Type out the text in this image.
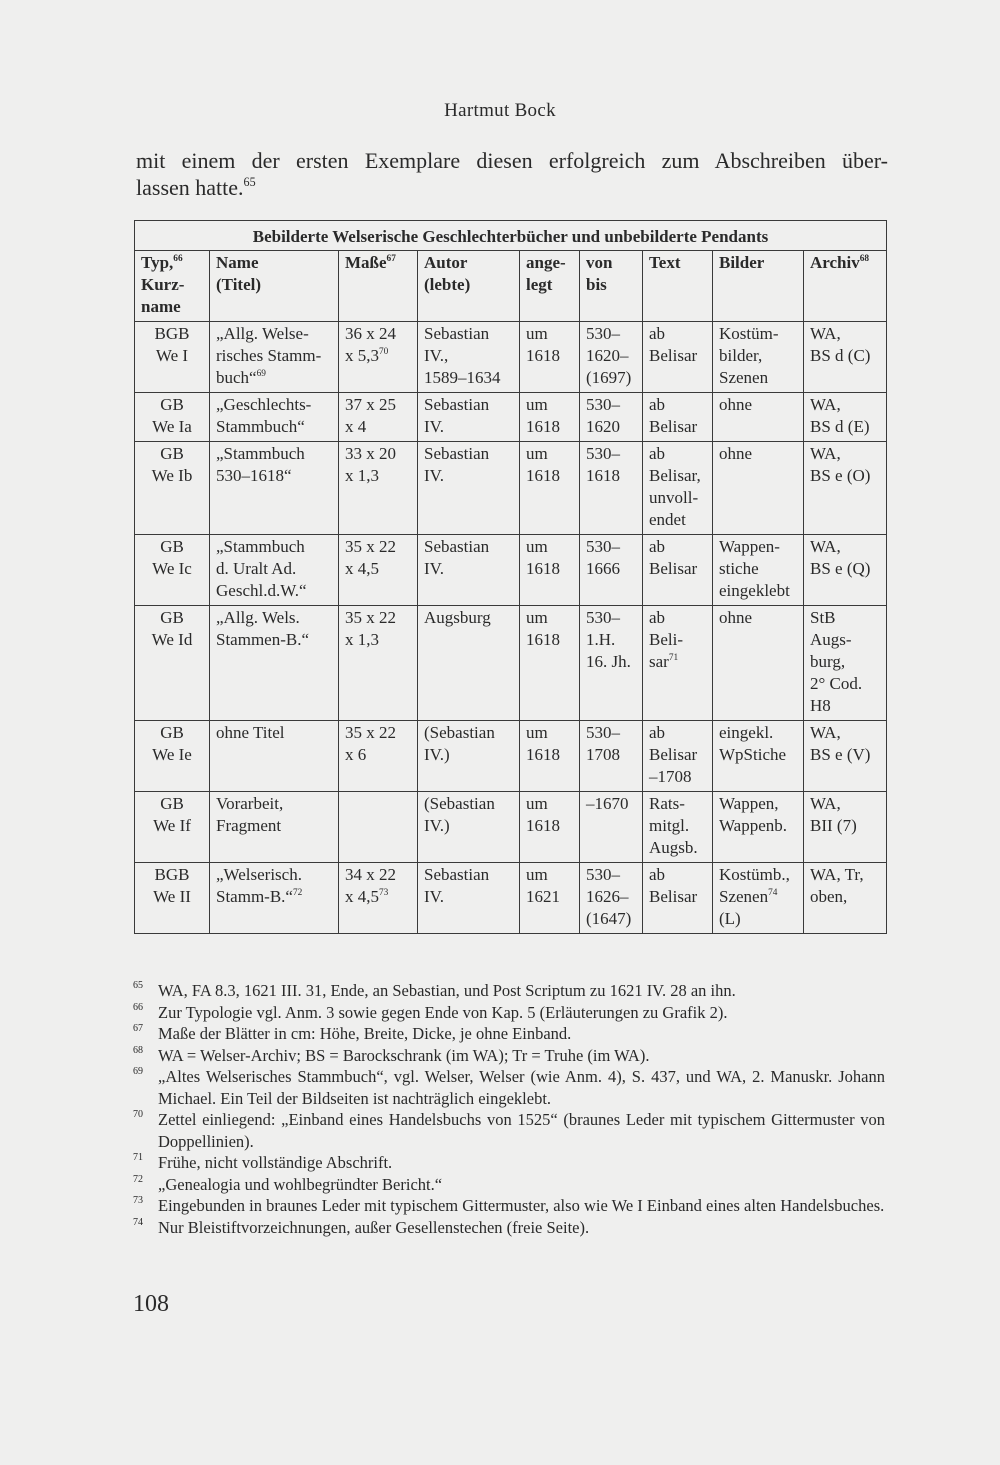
Hartmut Bock
mit einem der ersten Exemplare diesen erfolgreich zum Abschreiben über-
lassen hatte.$^{65}$
Bebilderte Welserische Geschlechterbücher und unbebilderte Pendants
Typ,$^{66}$
Kurz-
name	Name
(Titel)	Maße$^{67}$	Autor
(lebte)	ange-
legt	von
bis	Text	Bilder	Archiv$^{68}$
BGB
We I	„Allg. Welse-
risches Stamm-
buch“$^{69}$	36 x 24
x $5,3^{70}$	Sebastian
IV.,
1589–1634	um
1618	530–
1620–
(1697)	ab
Belisar	Kostüm-
bilder,
Szenen	WA,
BS d (C)
GB
We Ia	„Geschlechts-
Stammbuch“	37 x 25
x 4	Sebastian
IV.	um
1618	530–
1620	ab
Belisar	ohne	WA,
BS d (E)
GB
We Ib	„Stammbuch
530–1618“	33 x 20
x 1,3	Sebastian
IV.	um
1618	530–
1618	ab
Belisar,
unvoll-
endet	ohne	WA,
BS e (O)
GB
We Ic	„Stammbuch
d. Uralt Ad.
Geschl.d.W.“	35 x 22
x 4,5	Sebastian
IV.	um
1618	530–
1666	ab
Belisar	Wappen-
stiche
eingeklebt	WA,
BS e (Q)
GB
We Id	„Allg. Wels.
Stammen-B.“	35 x 22
x 1,3	Augsburg	um
1618	530–
1.H.
16. Jh.	ab
Beli-
sar$^{71}$	ohne	StB
Augs-
burg,
2° Cod.
H8
GB
We Ie	ohne Titel	35 x 22
x 6	(Sebastian
IV.)	um
1618	530–
1708	ab
Belisar
–1708	eingekl.
WpStiche	WA,
BS e (V)
GB
We If	Vorarbeit,
Fragment		(Sebastian
IV.)	um
1618	–1670	Rats-
mitgl.
Augsb.	Wappen,
Wappenb.	WA,
BII (7)
BGB
We II	„Welserisch.
Stamm-B.“$^{72}$	34 x 22
x $4,5^{73}$	Sebastian
IV.	um
1621	530–
1626–
(1647)	ab
Belisar	Kostümb.,
Szenen$^{74}$
(L)	WA, Tr,
oben,
65 WA, FA 8.3, 1621 III. 31, Ende, an Sebastian, und Post Scriptum zu 1621 IV. 28 an ihn.
66 Zur Typologie vgl. Anm. 3 sowie gegen Ende von Kap. 5 (Erläuterungen zu Grafik 2).
67 Maße der Blätter in cm: Höhe, Breite, Dicke, je ohne Einband.
68 WA = Welser-Archiv; BS = Barockschrank (im WA); Tr = Truhe (im WA).
69 „Altes Welserisches Stammbuch“, vgl. Welser, Welser (wie Anm. 4), S. 437, und WA, 2. Manuskr. Johann Michael. Ein Teil der Bildseiten ist nachträglich eingeklebt.
70 Zettel einliegend: „Einband eines Handelsbuchs von 1525“ (braunes Leder mit typischem Gittermuster von Doppellinien).
71 Frühe, nicht vollständige Abschrift.
72 „Genealogia und wohlbegründter Bericht.“
73 Eingebunden in braunes Leder mit typischem Gittermuster, also wie We I Einband eines alten Handelsbuches.
74 Nur Bleistiftvorzeichnungen, außer Gesellenstechen (freie Seite).
108
